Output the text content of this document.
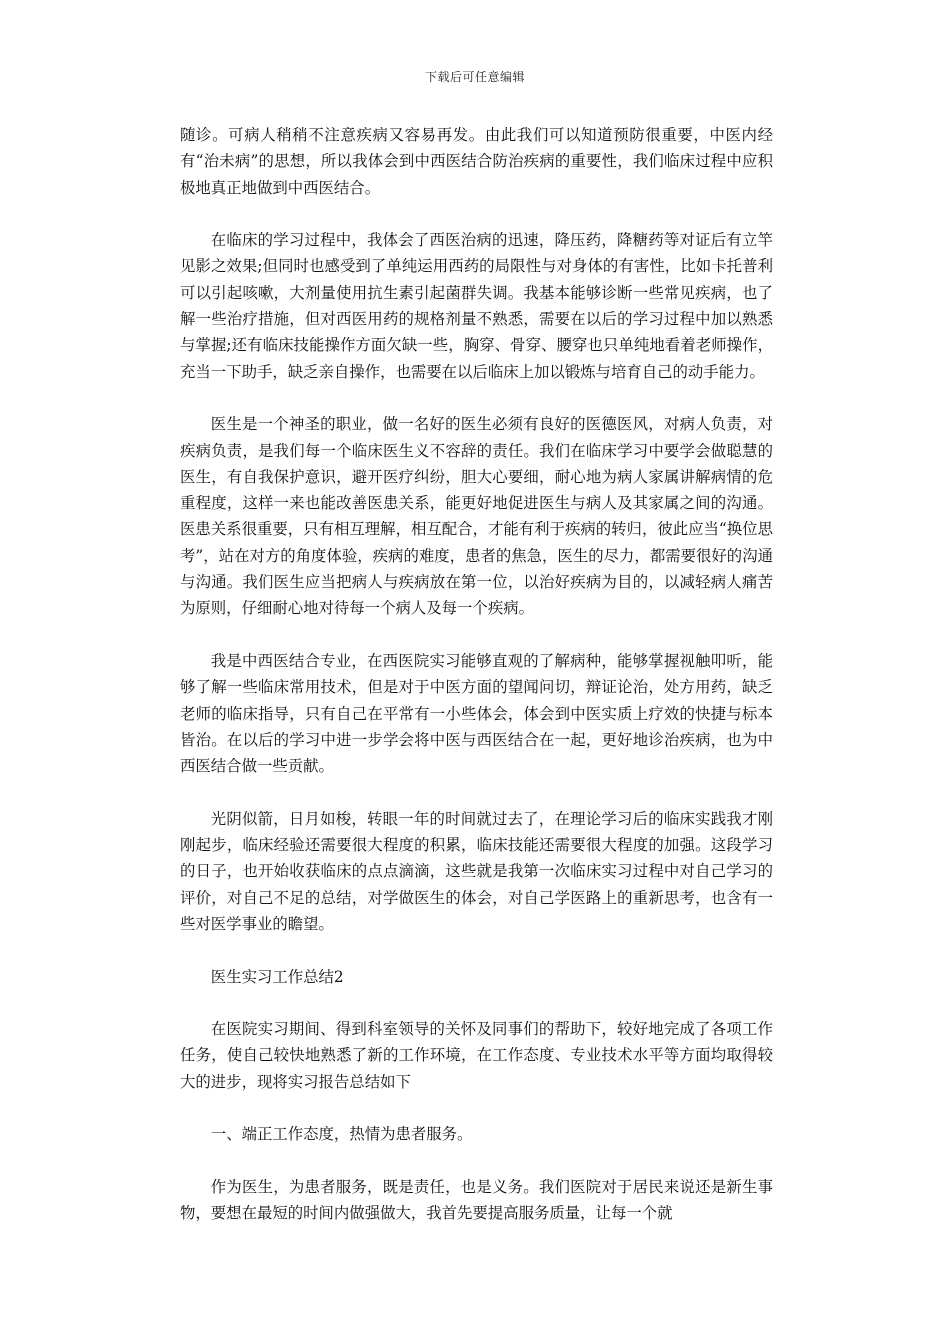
下载后可任意编辑

随诊。可病人稍稍不注意疾病又容易再发。由此我们可以知道预防很重要，中医内经有“治未病”的思想，所以我体会到中西医结合防治疾病的重要性，我们临床过程中应积极地真正地做到中西医结合。

在临床的学习过程中，我体会了西医治病的迅速，降压药，降糖药等对证后有立竿见影之效果;但同时也感受到了单纯运用西药的局限性与对身体的有害性，比如卡托普利可以引起咳嗽，大剂量使用抗生素引起菌群失调。我基本能够诊断一些常见疾病，也了解一些治疗措施，但对西医用药的规格剂量不熟悉，需要在以后的学习过程中加以熟悉与掌握;还有临床技能操作方面欠缺一些，胸穿、骨穿、腰穿也只单纯地看着老师操作，充当一下助手，缺乏亲自操作，也需要在以后临床上加以锻炼与培育自己的动手能力。

医生是一个神圣的职业，做一名好的医生必须有良好的医德医风，对病人负责，对疾病负责，是我们每一个临床医生义不容辞的责任。我们在临床学习中要学会做聪慧的医生，有自我保护意识，避开医疗纠纷，胆大心要细，耐心地为病人家属讲解病情的危重程度，这样一来也能改善医患关系，能更好地促进医生与病人及其家属之间的沟通。医患关系很重要，只有相互理解，相互配合，才能有利于疾病的转归，彼此应当“换位思考”，站在对方的角度体验，疾病的难度，患者的焦急，医生的尽力，都需要很好的沟通与沟通。我们医生应当把病人与疾病放在第一位，以治好疾病为目的，以减轻病人痛苦为原则，仔细耐心地对待每一个病人及每一个疾病。

我是中西医结合专业，在西医院实习能够直观的了解病种，能够掌握视触叩听，能够了解一些临床常用技术，但是对于中医方面的望闻问切，辩证论治，处方用药，缺乏老师的临床指导，只有自己在平常有一小些体会，体会到中医实质上疗效的快捷与标本皆治。在以后的学习中进一步学会将中医与西医结合在一起，更好地诊治疾病，也为中西医结合做一些贡献。

光阴似箭，日月如梭，转眼一年的时间就过去了，在理论学习后的临床实践我才刚刚起步，临床经验还需要很大程度的积累，临床技能还需要很大程度的加强。这段学习的日子，也开始收获临床的点点滴滴，这些就是我第一次临床实习过程中对自己学习的评价，对自己不足的总结，对学做医生的体会，对自己学医路上的重新思考，也含有一些对医学事业的瞻望。

医生实习工作总结2

在医院实习期间、得到科室领导的关怀及同事们的帮助下，较好地完成了各项工作任务，使自己较快地熟悉了新的工作环境，在工作态度、专业技术水平等方面均取得较大的进步，现将实习报告总结如下

一、端正工作态度，热情为患者服务。

作为医生，为患者服务，既是责任，也是义务。我们医院对于居民来说还是新生事物，要想在最短的时间内做强做大，我首先要提高服务质量，让每一个就
